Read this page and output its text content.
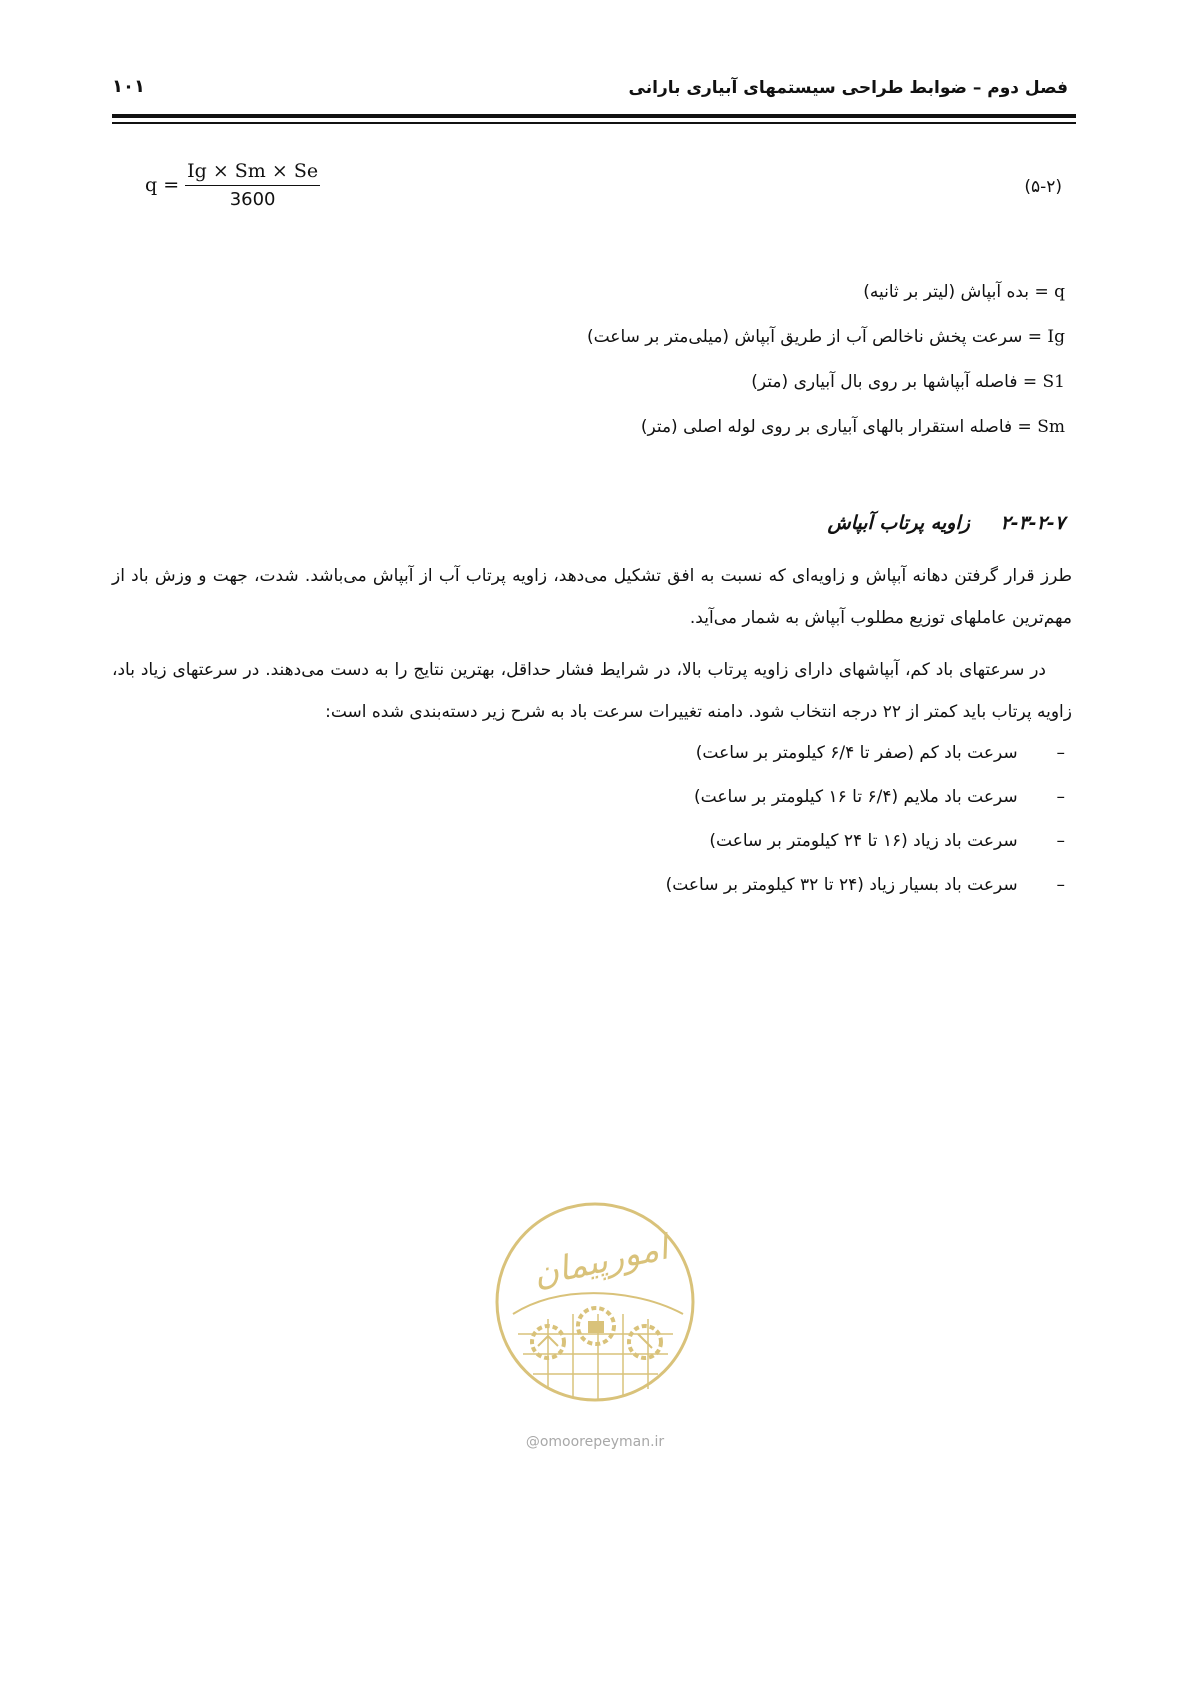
فصل دوم – ضوابط طراحی سیستمهای آبیاری بارانی
۱۰۱
$q = \frac{Ig \times Sm \times Se}{3600}$	(۵-۲)
q = بده آبپاش (لیتر بر ثانیه)
Ig = سرعت پخش ناخالص آب از طریق آبپاش (میلی‌متر بر ساعت)
S1 = فاصله آبپاشها بر روی بال آبیاری (متر)
Sm = فاصله استقرار بالهای آبیاری بر روی لوله اصلی (متر)
۲-۳-۲-۷ زاویه پرتاب آبپاش

طرز قرار گرفتن دهانه آبپاش و زاویه‌ای که نسبت به افق تشکیل می‌دهد، زاویه پرتاب آب از آبپاش می‌باشد. شدت، جهت و وزش باد از مهم‌ترین عاملهای توزیع مطلوب آبپاش به شمار می‌آید.

در سرعتهای باد کم، آبپاشهای دارای زاویه پرتاب بالا، در شرایط فشار حداقل، بهترین نتایج را به دست می‌دهند. در سرعتهای زیاد باد، زاویه پرتاب باید کمتر از ۲۲ درجه انتخاب شود. دامنه تغییرات سرعت باد به شرح زیر دسته‌بندی شده است:

– سرعت باد کم (صفر تا ۶/۴ کیلومتر بر ساعت)
– سرعت باد ملایم (۶/۴ تا ۱۶ کیلومتر بر ساعت)
– سرعت باد زیاد (۱۶ تا ۲۴ کیلومتر بر ساعت)
– سرعت باد بسیار زیاد (۲۴ تا ۳۲ کیلومتر بر ساعت)
امورپیمان
@omoorepeyman.ir
